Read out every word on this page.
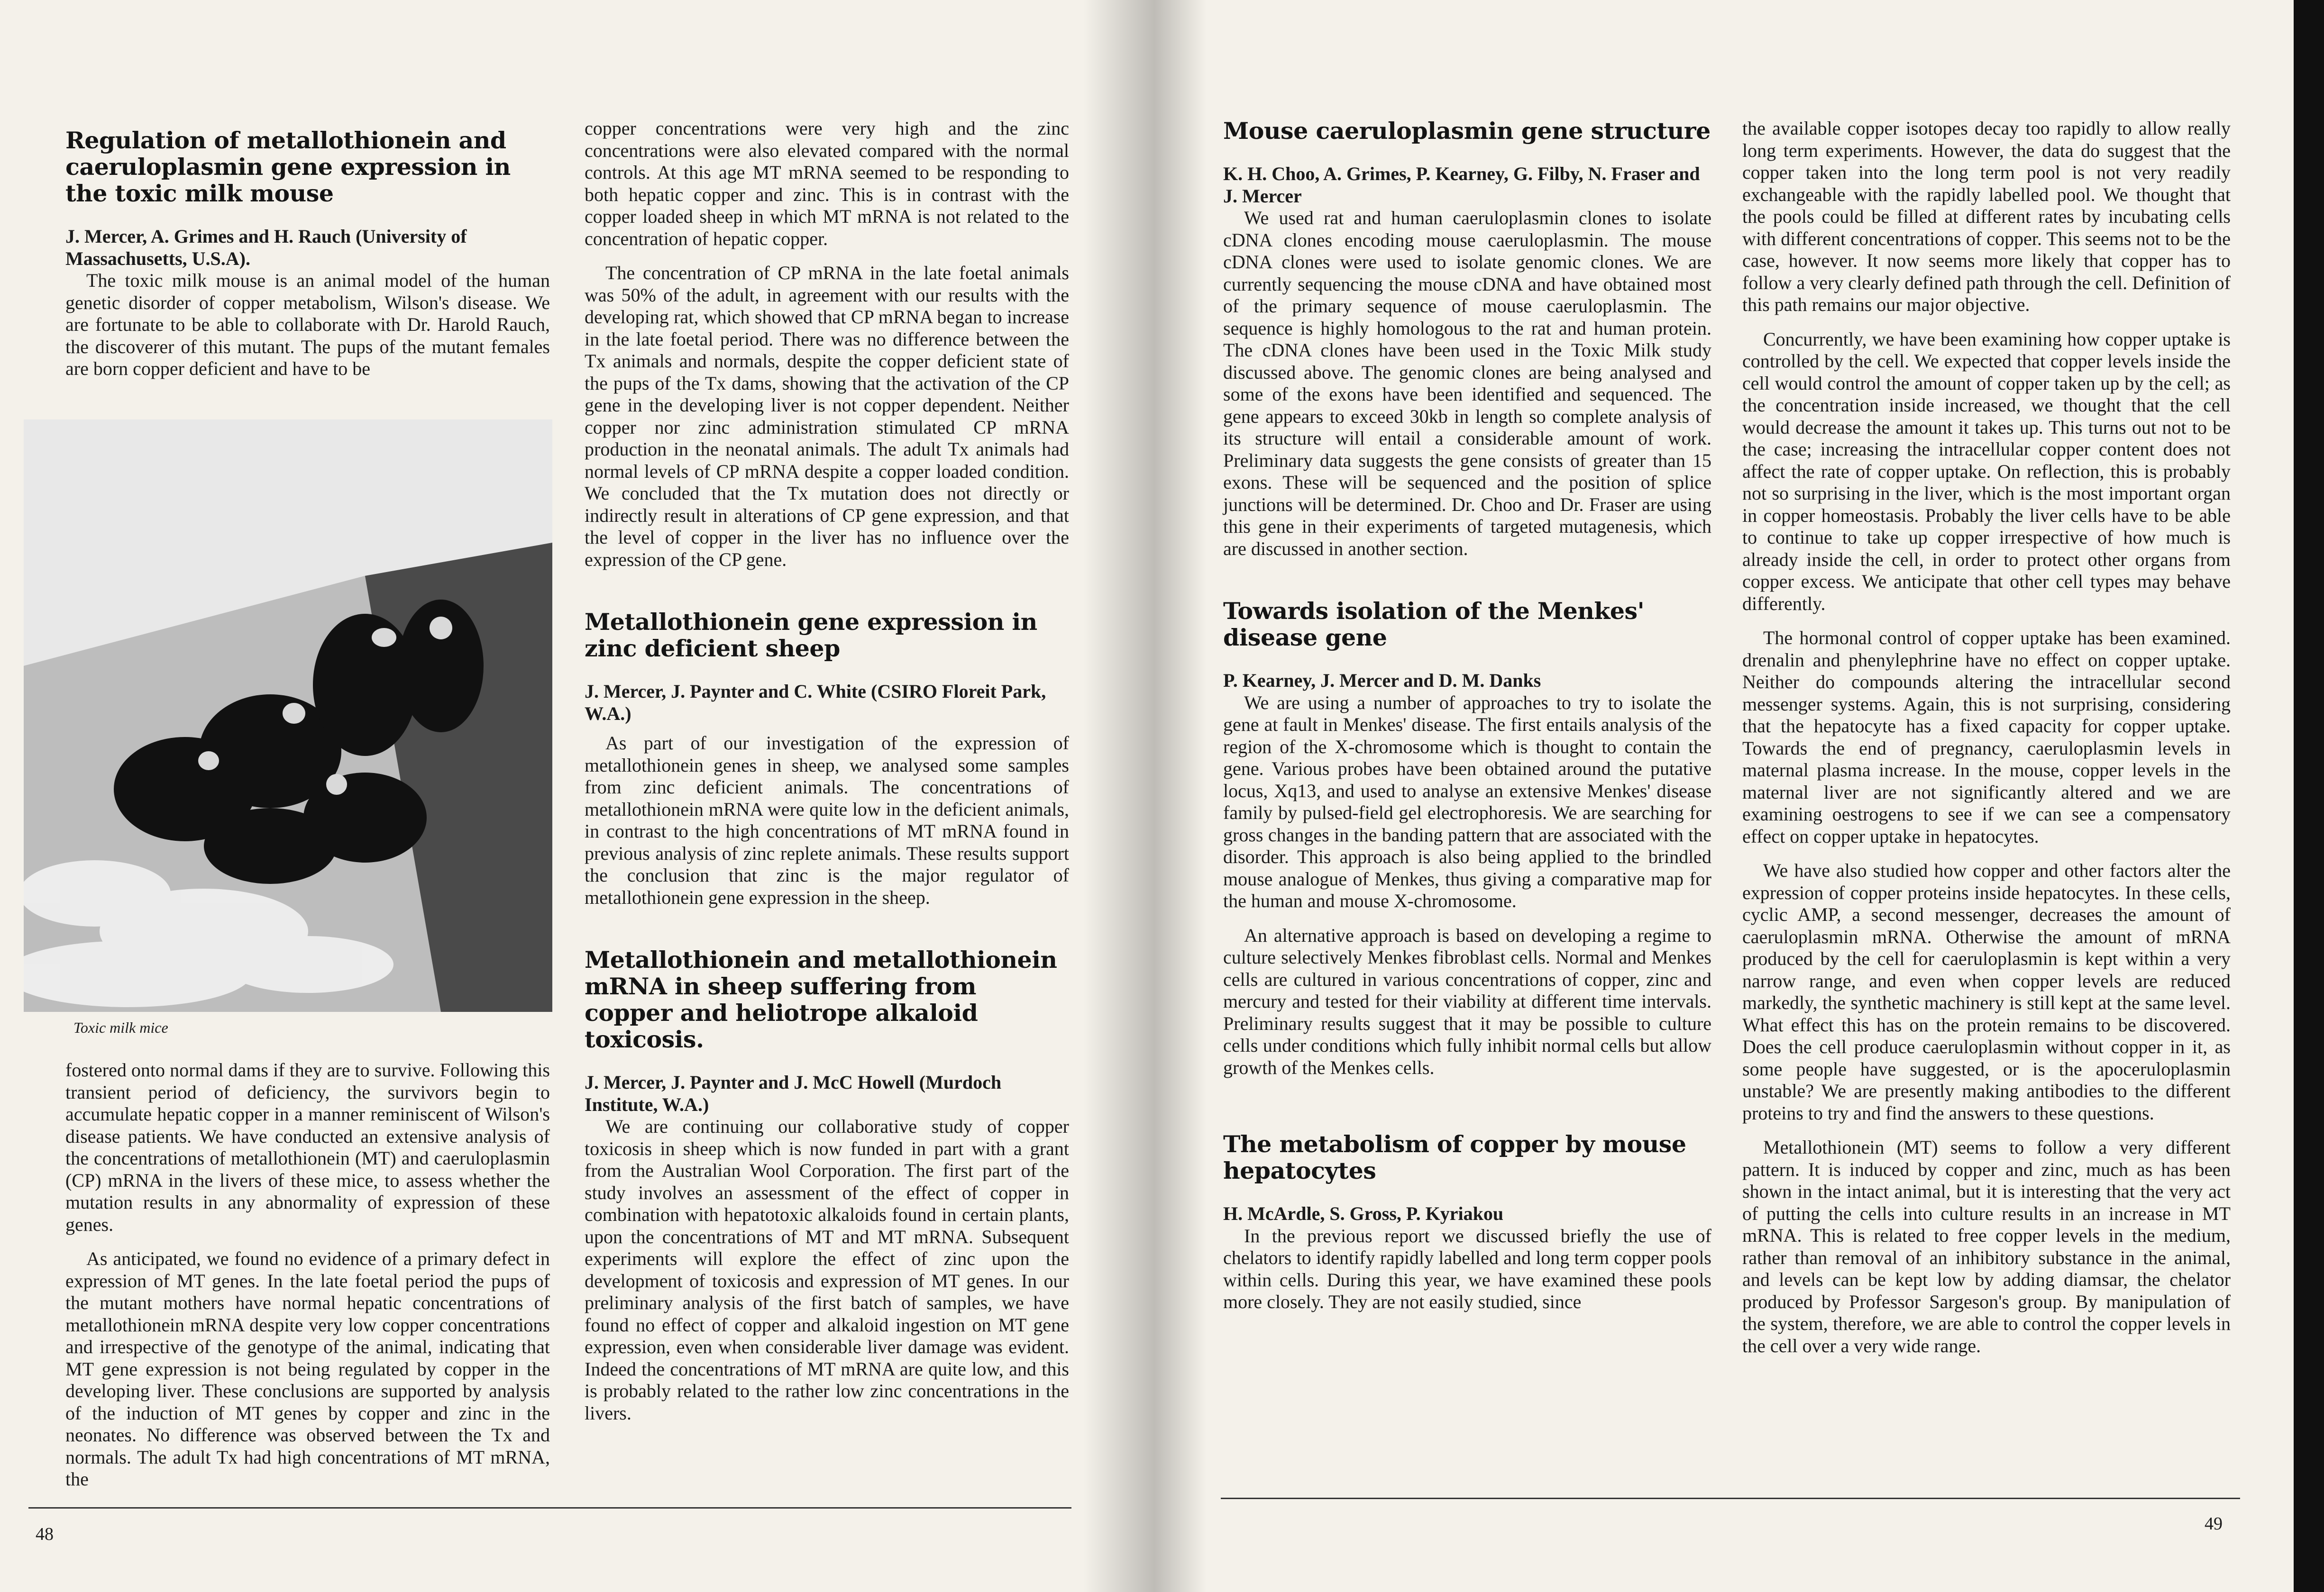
Regulation of metallothionein and caeruloplasmin gene expression in the toxic milk mouse

J. Mercer, A. Grimes and H. Rauch (University of Massachusetts, U.S.A).

The toxic milk mouse is an animal model of the human genetic disorder of copper metabolism, Wilson's disease. We are fortunate to be able to collaborate with Dr. Harold Rauch, the discoverer of this mutant. The pups of the mutant females are born copper deficient and have to be

Toxic milk mice

fostered onto normal dams if they are to survive. Following this transient period of deficiency, the survivors begin to accumulate hepatic copper in a manner reminiscent of Wilson's disease patients. We have conducted an extensive analysis of the concentrations of metallothionein (MT) and caeruloplasmin (CP) mRNA in the livers of these mice, to assess whether the mutation results in any abnormality of expression of these genes.

As anticipated, we found no evidence of a primary defect in expression of MT genes. In the late foetal period the pups of the mutant mothers have normal hepatic concentrations of metallothionein mRNA despite very low copper concentrations and irrespective of the genotype of the animal, indicating that MT gene expression is not being regulated by copper in the developing liver. These conclusions are supported by analysis of the induction of MT genes by copper and zinc in the neonates. No difference was observed between the Tx and normals. The adult Tx had high concentrations of MT mRNA, the

copper concentrations were very high and the zinc concentrations were also elevated compared with the normal controls. At this age MT mRNA seemed to be responding to both hepatic copper and zinc. This is in contrast with the copper loaded sheep in which MT mRNA is not related to the concentration of hepatic copper.

The concentration of CP mRNA in the late foetal animals was 50% of the adult, in agreement with our results with the developing rat, which showed that CP mRNA began to increase in the late foetal period. There was no difference between the Tx animals and normals, despite the copper deficient state of the pups of the Tx dams, showing that the activation of the CP gene in the developing liver is not copper dependent. Neither copper nor zinc administration stimulated CP mRNA production in the neonatal animals. The adult Tx animals had normal levels of CP mRNA despite a copper loaded condition. We concluded that the Tx mutation does not directly or indirectly result in alterations of CP gene expression, and that the level of copper in the liver has no influence over the expression of the CP gene.

Metallothionein gene expression in zinc deficient sheep

J. Mercer, J. Paynter and C. White (CSIRO Floreit Park, W.A.)

As part of our investigation of the expression of metallothionein genes in sheep, we analysed some samples from zinc deficient animals. The concentrations of metallothionein mRNA were quite low in the deficient animals, in contrast to the high concentrations of MT mRNA found in previous analysis of zinc replete animals. These results support the conclusion that zinc is the major regulator of metallothionein gene expression in the sheep.

Metallothionein and metallothionein mRNA in sheep suffering from copper and heliotrope alkaloid toxicosis.

J. Mercer, J. Paynter and J. McC Howell (Murdoch Institute, W.A.)

We are continuing our collaborative study of copper toxicosis in sheep which is now funded in part with a grant from the Australian Wool Corporation. The first part of the study involves an assessment of the effect of copper in combination with hepatotoxic alkaloids found in certain plants, upon the concentrations of MT and MT mRNA. Subsequent experiments will explore the effect of zinc upon the development of toxicosis and expression of MT genes. In our preliminary analysis of the first batch of samples, we have found no effect of copper and alkaloid ingestion on MT gene expression, even when considerable liver damage was evident. Indeed the concentrations of MT mRNA are quite low, and this is probably related to the rather low zinc concentrations in the livers.

48

Mouse caeruloplasmin gene structure

K. H. Choo, A. Grimes, P. Kearney, G. Filby, N. Fraser and J. Mercer

We used rat and human caeruloplasmin clones to isolate cDNA clones encoding mouse caeruloplasmin. The mouse cDNA clones were used to isolate genomic clones. We are currently sequencing the mouse cDNA and have obtained most of the primary sequence of mouse caeruloplasmin. The sequence is highly homologous to the rat and human protein. The cDNA clones have been used in the Toxic Milk study discussed above. The genomic clones are being analysed and some of the exons have been identified and sequenced. The gene appears to exceed 30kb in length so complete analysis of its structure will entail a considerable amount of work. Preliminary data suggests the gene consists of greater than 15 exons. These will be sequenced and the position of splice junctions will be determined. Dr. Choo and Dr. Fraser are using this gene in their experiments of targeted mutagenesis, which are discussed in another section.

Towards isolation of the Menkes' disease gene

P. Kearney, J. Mercer and D. M. Danks

We are using a number of approaches to try to isolate the gene at fault in Menkes' disease. The first entails analysis of the region of the X-chromosome which is thought to contain the gene. Various probes have been obtained around the putative locus, Xq13, and used to analyse an extensive Menkes' disease family by pulsed-field gel electrophoresis. We are searching for gross changes in the banding pattern that are associated with the disorder. This approach is also being applied to the brindled mouse analogue of Menkes, thus giving a comparative map for the human and mouse X-chromosome.

An alternative approach is based on developing a regime to culture selectively Menkes fibroblast cells. Normal and Menkes cells are cultured in various concentrations of copper, zinc and mercury and tested for their viability at different time intervals. Preliminary results suggest that it may be possible to culture cells under conditions which fully inhibit normal cells but allow growth of the Menkes cells.

The metabolism of copper by mouse hepatocytes

H. McArdle, S. Gross, P. Kyriakou

In the previous report we discussed briefly the use of chelators to identify rapidly labelled and long term copper pools within cells. During this year, we have examined these pools more closely. They are not easily studied, since

the available copper isotopes decay too rapidly to allow really long term experiments. However, the data do suggest that the copper taken into the long term pool is not very readily exchangeable with the rapidly labelled pool. We thought that the pools could be filled at different rates by incubating cells with different concentrations of copper. This seems not to be the case, however. It now seems more likely that copper has to follow a very clearly defined path through the cell. Definition of this path remains our major objective.

Concurrently, we have been examining how copper uptake is controlled by the cell. We expected that copper levels inside the cell would control the amount of copper taken up by the cell; as the concentration inside increased, we thought that the cell would decrease the amount it takes up. This turns out not to be the case; increasing the intracellular copper content does not affect the rate of copper uptake. On reflection, this is probably not so surprising in the liver, which is the most important organ in copper homeostasis. Probably the liver cells have to be able to continue to take up copper irrespective of how much is already inside the cell, in order to protect other organs from copper excess. We anticipate that other cell types may behave differently.

The hormonal control of copper uptake has been examined. drenalin and phenylephrine have no effect on copper uptake. Neither do compounds altering the intracellular second messenger systems. Again, this is not surprising, considering that the hepatocyte has a fixed capacity for copper uptake. Towards the end of pregnancy, caeruloplasmin levels in maternal plasma increase. In the mouse, copper levels in the maternal liver are not significantly altered and we are examining oestrogens to see if we can see a compensatory effect on copper uptake in hepatocytes.

We have also studied how copper and other factors alter the expression of copper proteins inside hepatocytes. In these cells, cyclic AMP, a second messenger, decreases the amount of caeruloplasmin mRNA. Otherwise the amount of mRNA produced by the cell for caeruloplasmin is kept within a very narrow range, and even when copper levels are reduced markedly, the synthetic machinery is still kept at the same level. What effect this has on the protein remains to be discovered. Does the cell produce caeruloplasmin without copper in it, as some people have suggested, or is the apoceruloplasmin unstable? We are presently making antibodies to the different proteins to try and find the answers to these questions.

Metallothionein (MT) seems to follow a very different pattern. It is induced by copper and zinc, much as has been shown in the intact animal, but it is interesting that the very act of putting the cells into culture results in an increase in MT mRNA. This is related to free copper levels in the medium, rather than removal of an inhibitory substance in the animal, and levels can be kept low by adding diamsar, the chelator produced by Professor Sargeson's group. By manipulation of the system, therefore, we are able to control the copper levels in the cell over a very wide range.

49
